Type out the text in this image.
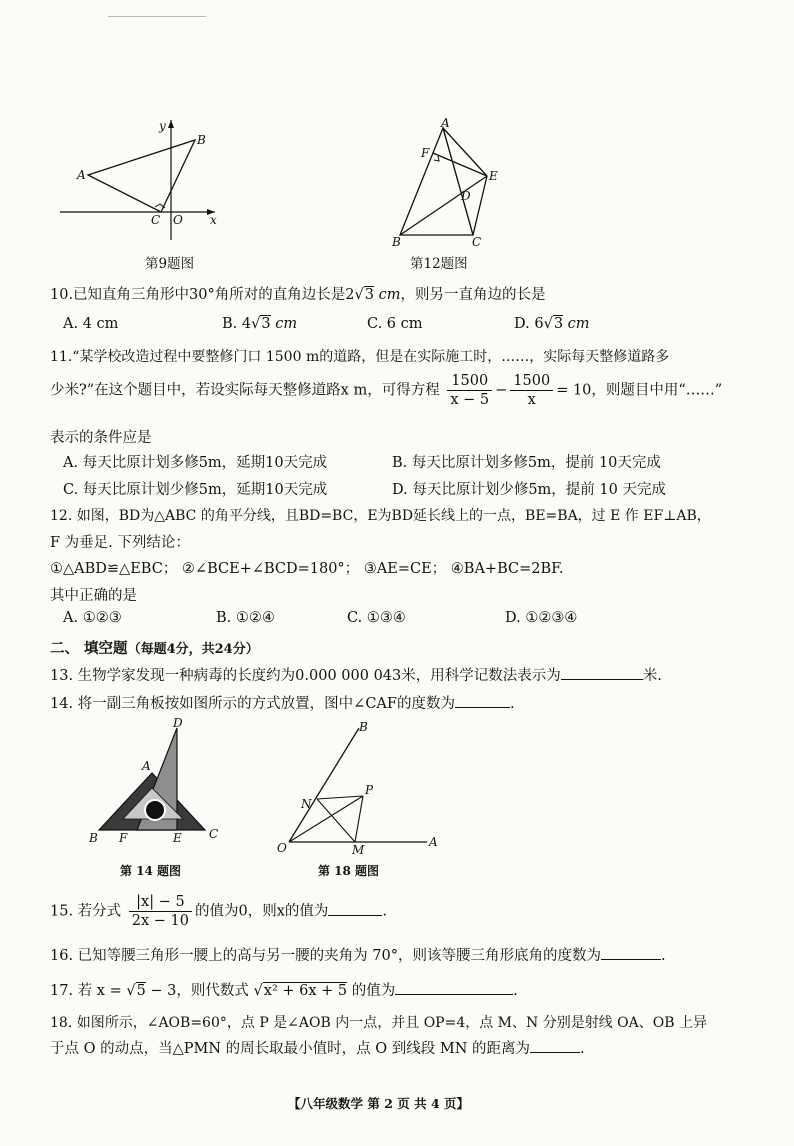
y
x
A
B
C O
第9题图
A
F
E
D
B	C
第12题图
10.已知直角三角形中30°角所对的直角边长是2√3 cm，则另一直角边的长是
A. 4 cm	B. 4√3 cm	C. 6 cm	D. 6√3 cm
11.“某学校改造过程中要整修门口 1500 m的道路，但是在实际施工时，……，实际每天整修道路多
少米?”在这个题目中，若设实际每天整修道路x m，可得方程 $\frac{1500}{x - 5} - \frac{1500}{x} = 10$，则题目中用“……”
表示的条件应是
A. 每天比原计划多修5m，延期10天完成	B. 每天比原计划多修5m，提前 10天完成
C. 每天比原计划少修5m，延期10天完成	D. 每天比原计划少修5m，提前 10 天完成
12. 如图，BD为△ABC 的角平分线，且BD=BC，E为BD延长线上的一点，BE=BA，过 E 作 EF⊥AB，
F 为垂足. 下列结论：
①△ABD≌△EBC； ②∠BCE+∠BCD=180°； ③AE=CE； ④BA+BC=2BF.
其中正确的是
A. ①②③	B. ①②④	C. ①③④	D. ①②③④
二、 填空题（每题4分，共24分）
13. 生物学家发现一种病毒的长度约为0.000 000 043米，用科学记数法表示为	米.
14. 将一副三角板按如图所示的方式放置，图中∠CAF的度数为	.
D
A
B F	E C
第 14 题图
B
P
N
O	M
A
第 18 题图
15. 若分式 $\frac{|x| - 5}{2x - 10}$ 的值为0，则x的值为	.
16. 已知等腰三角形一腰上的高与另一腰的夹角为 70°，则该等腰三角形底角的度数为	.
17. 若 x = √5 − 3，则代数式 √x² + 6x + 5 的值为	.
18. 如图所示，∠AOB=60°，点 P 是∠AOB 内一点，并且 OP=4，点 M、N 分别是射线 OA、OB 上异
于点 O 的动点，当△PMN 的周长取最小值时，点 O 到线段 MN 的距离为	.
【八年级数学 第 2 页 共 4 页】
